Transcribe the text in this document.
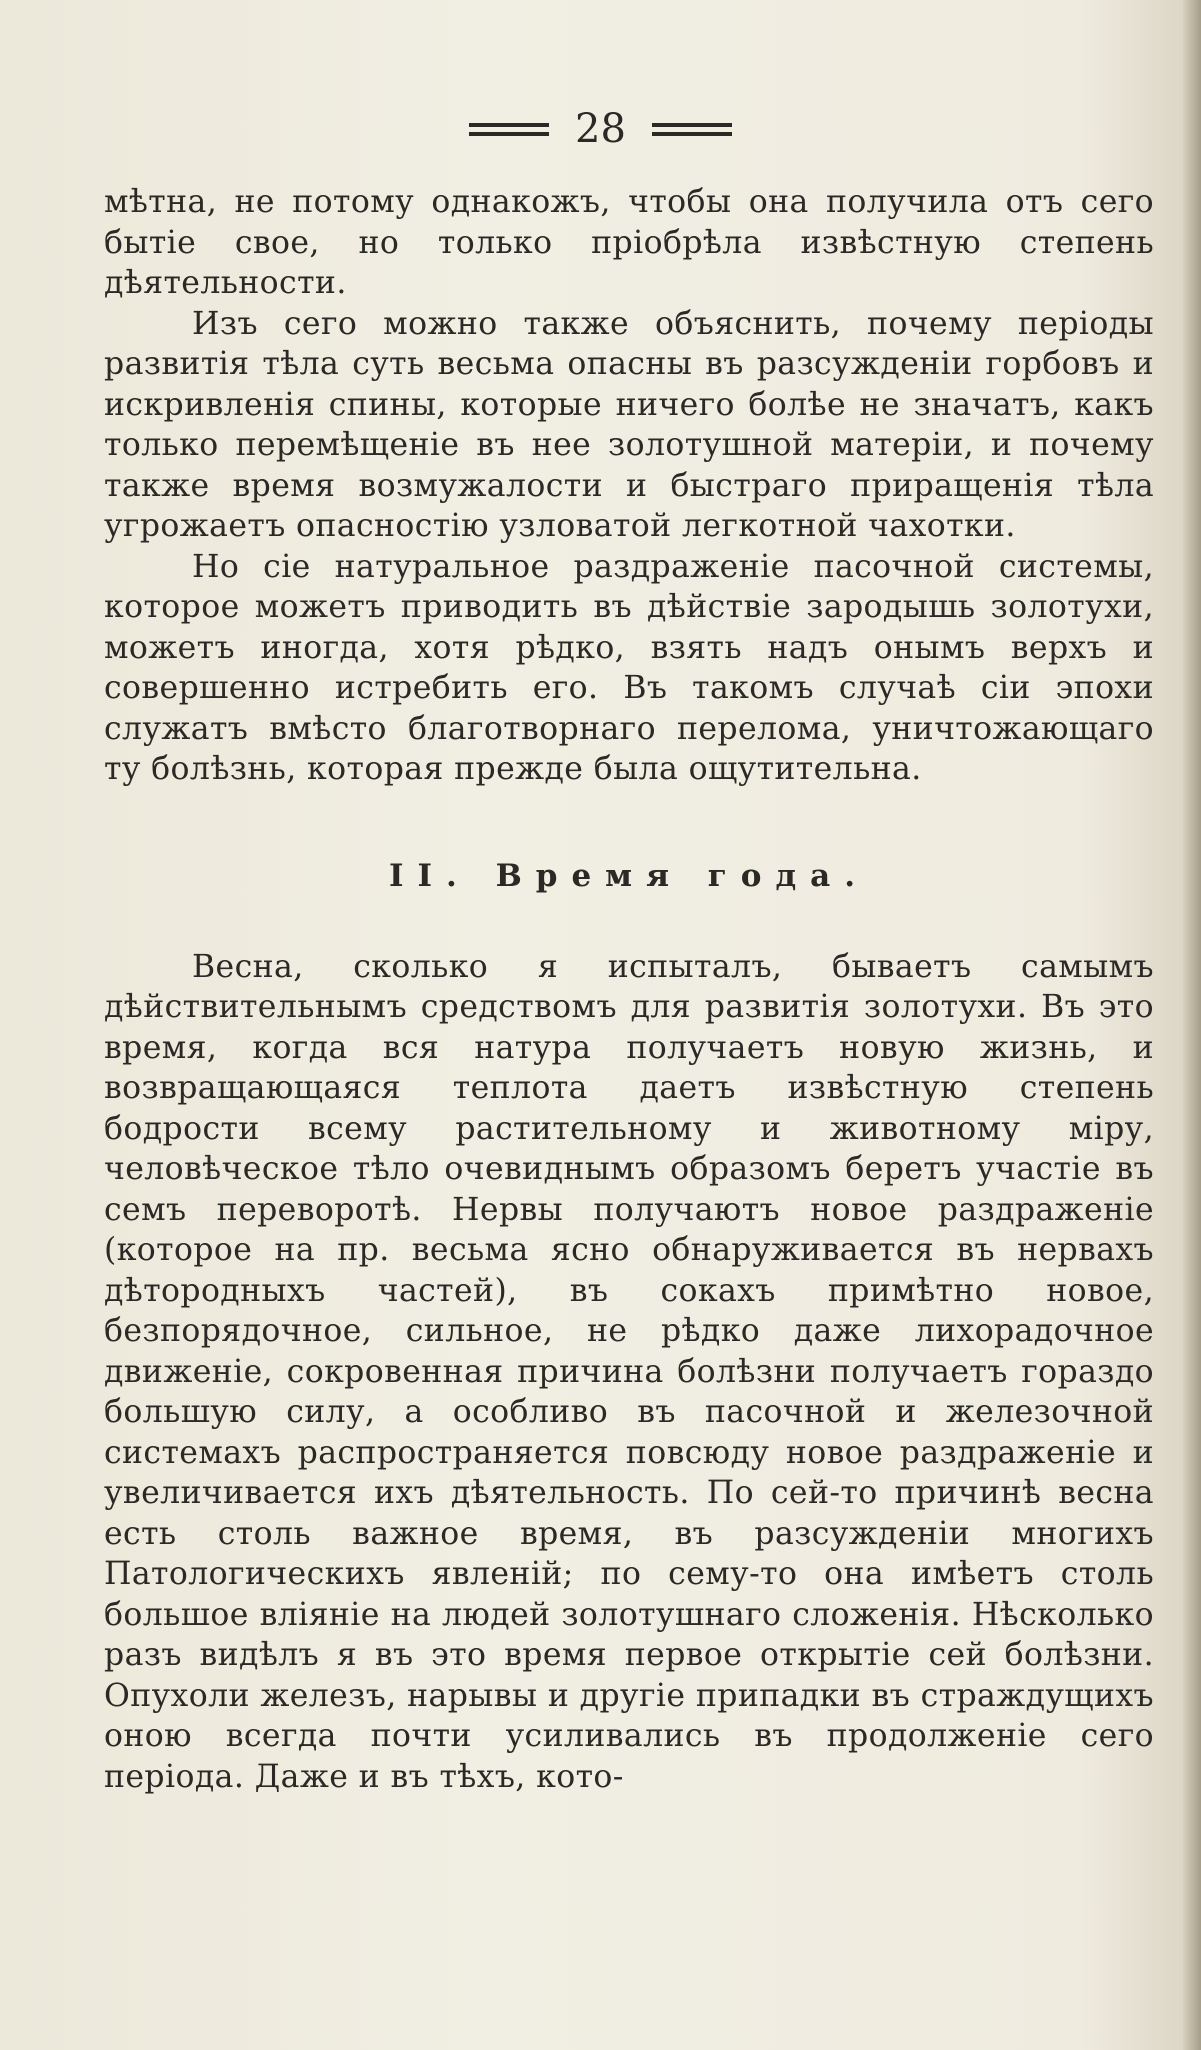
28

мѣтна, не потому однакожъ, чтобы она получила отъ сего бытіе свое, но только пріобрѣла извѣстную степень дѣятельности.

Изъ сего можно также объяснить, почему періоды развитія тѣла суть весьма опасны въ разсужденіи горбовъ и искривленія спины, которые ничего болѣе не значатъ, какъ только перемѣщеніе въ нее золотушной матеріи, и почему также время возмужалости и быстраго приращенія тѣла угрожаетъ опасностію узловатой легкотной чахотки.

Но сіе натуральное раздраженіе пасочной системы, которое можетъ приводить въ дѣйствіе зародышь золотухи, можетъ иногда, хотя рѣдко, взять надъ онымъ верхъ и совершенно истребить его. Въ такомъ случаѣ сіи эпохи служатъ вмѣсто благотворнаго перелома, уничтожающаго ту болѣзнь, которая прежде была ощутительна.

II. Время года.

Весна, сколько я испыталъ, бываетъ самымъ дѣйствительнымъ средствомъ для развитія золотухи. Въ это время, когда вся натура получаетъ новую жизнь, и возвращающаяся теплота даетъ извѣстную степень бодрости всему растительному и животному міру, человѣческое тѣло очевиднымъ образомъ беретъ участіе въ семъ переворотѣ. Нервы получаютъ новое раздраженіе (которое на пр. весьма ясно обнаруживается въ нервахъ дѣтородныхъ частей), въ сокахъ примѣтно новое, безпорядочное, сильное, не рѣдко даже лихорадочное движеніе, сокровенная причина болѣзни получаетъ гораздо большую силу, а особливо въ пасочной и железочной системахъ распространяется повсюду новое раздраженіе и увеличивается ихъ дѣятельность. По сей-то причинѣ весна есть столь важное время, въ разсужденіи многихъ Патологическихъ явленій; по сему-то она имѣетъ столь большое вліяніе на людей золотушнаго сложенія. Нѣсколько разъ видѣлъ я въ это время первое открытіе сей болѣзни. Опухоли железъ, нарывы и другіе припадки въ страждущихъ оною всегда почти усиливались въ продолженіе сего періода. Даже и въ тѣхъ, кото-
